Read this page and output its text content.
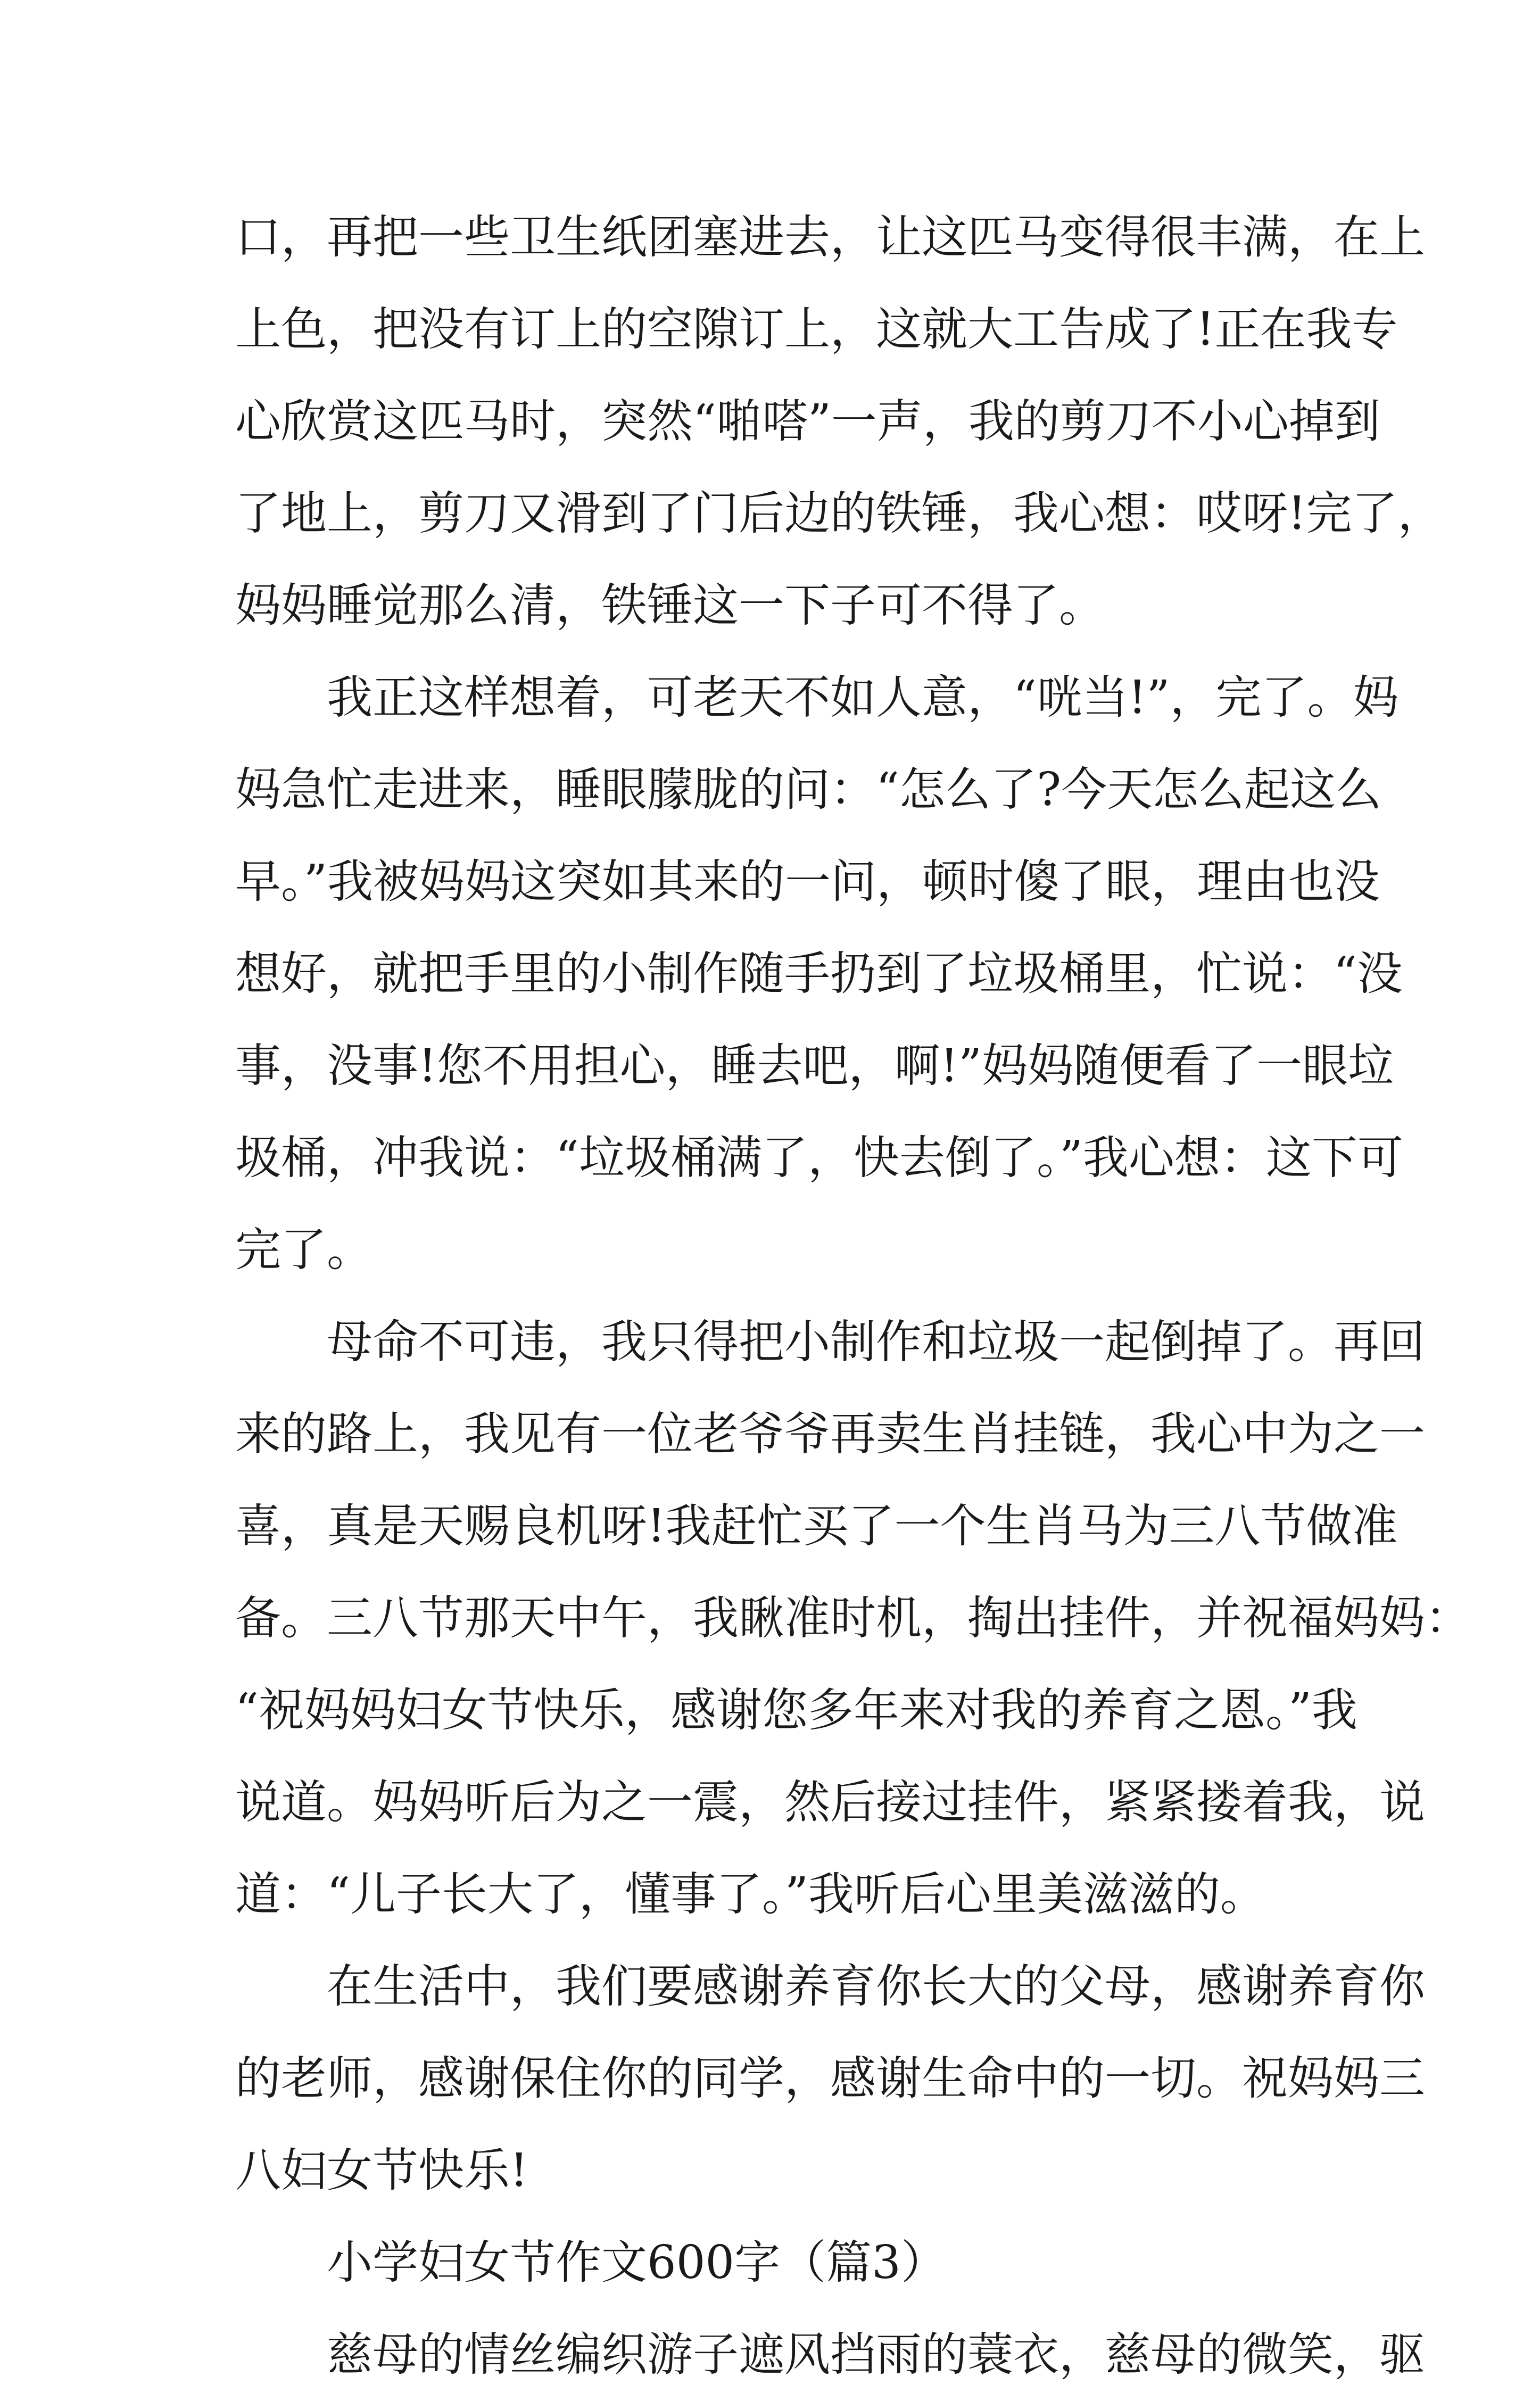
口，再把一些卫生纸团塞进去，让这匹马变得很丰满，在上
上色，把没有订上的空隙订上，这就大工告成了!正在我专
心欣赏这匹马时，突然“啪嗒”一声，我的剪刀不小心掉到
了地上，剪刀又滑到了门后边的铁锤，我心想：哎呀!完了，
妈妈睡觉那么清，铁锤这一下子可不得了。
我正这样想着，可老天不如人意，“咣当!”，完了。妈
妈急忙走进来，睡眼朦胧的问：“怎么了?今天怎么起这么
早。”我被妈妈这突如其来的一问，顿时傻了眼，理由也没
想好，就把手里的小制作随手扔到了垃圾桶里，忙说：“没
事，没事!您不用担心，睡去吧，啊!”妈妈随便看了一眼垃
圾桶，冲我说：“垃圾桶满了，快去倒了。”我心想：这下可
完了。
母命不可违，我只得把小制作和垃圾一起倒掉了。再回
来的路上，我见有一位老爷爷再卖生肖挂链，我心中为之一
喜，真是天赐良机呀!我赶忙买了一个生肖马为三八节做准
备。三八节那天中午，我瞅准时机，掏出挂件，并祝福妈妈：
“祝妈妈妇女节快乐，感谢您多年来对我的养育之恩。”我
说道。妈妈听后为之一震，然后接过挂件，紧紧搂着我，说
道：“儿子长大了，懂事了。”我听后心里美滋滋的。
在生活中，我们要感谢养育你长大的父母，感谢养育你
的老师，感谢保住你的同学，感谢生命中的一切。祝妈妈三
八妇女节快乐!
小学妇女节作文600字（篇3）
慈母的情丝编织游子遮风挡雨的蓑衣，慈母的微笑，驱
